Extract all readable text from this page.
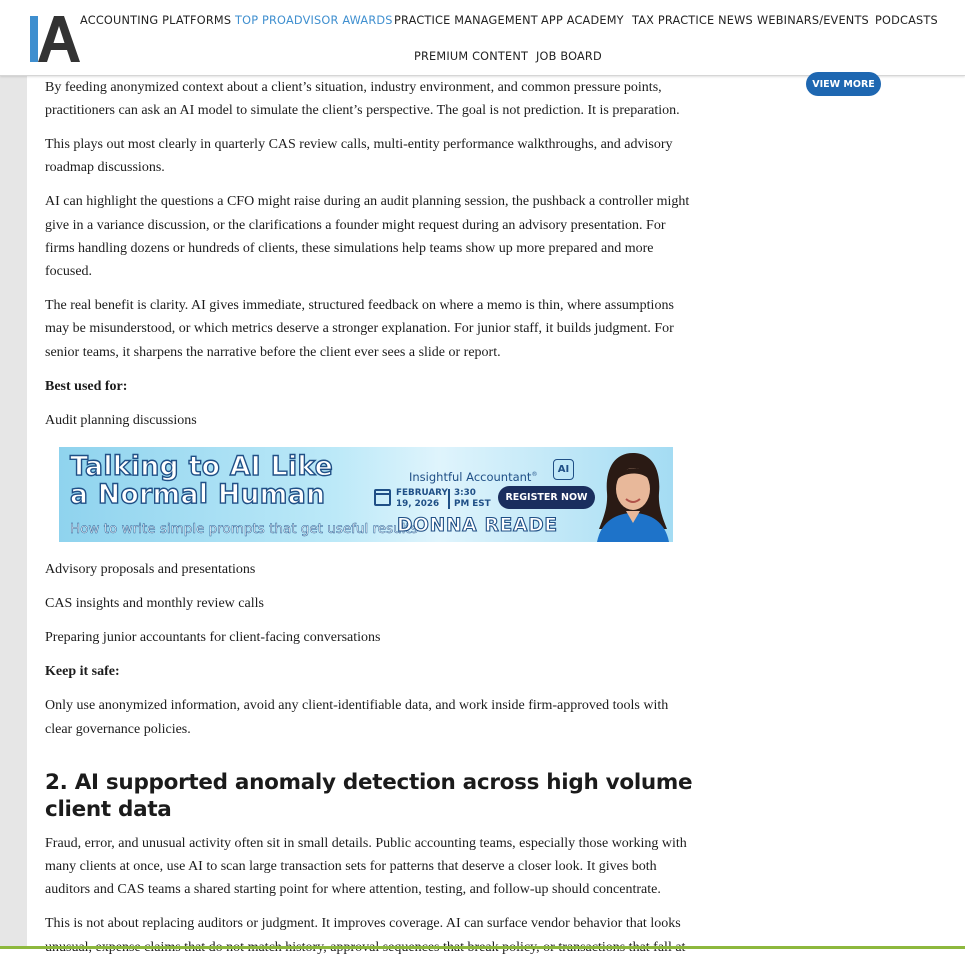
ACCOUNTING PLATFORMS TOP PROADVISOR AWARDS PRACTICE MANAGEMENT APP ACADEMY TAX PRACTICE NEWS WEBINARS/EVENTS PODCASTS
PREMIUM CONTENT JOB BOARD
VIEW MORE

By feeding anonymized context about a client’s situation, industry environment, and common pressure points, practitioners can ask an AI model to simulate the client’s perspective. The goal is not prediction. It is preparation.

This plays out most clearly in quarterly CAS review calls, multi-entity performance walkthroughs, and advisory roadmap discussions.

AI can highlight the questions a CFO might raise during an audit planning session, the pushback a controller might give in a variance discussion, or the clarifications a founder might request during an advisory presentation. For firms handling dozens or hundreds of clients, these simulations help teams show up more prepared and more focused.

The real benefit is clarity. AI gives immediate, structured feedback on where a memo is thin, where assumptions may be misunderstood, or which metrics deserve a stronger explanation. For junior staff, it builds judgment. For senior teams, it sharpens the narrative before the client ever sees a slide or report.

Best used for:

Audit planning discussions

Talking to AI Like
a Normal Human
How to write simple prompts that get useful results
Insightful Accountant®	AI
FEBRUARY
19, 2026
3:30
PM EST
REGISTER NOW
DONNA READE

Advisory proposals and presentations

CAS insights and monthly review calls

Preparing junior accountants for client-facing conversations

Keep it safe:

Only use anonymized information, avoid any client-identifiable data, and work inside firm-approved tools with clear governance policies.

2. AI supported anomaly detection across high volume client data

Fraud, error, and unusual activity often sit in small details. Public accounting teams, especially those working with many clients at once, use AI to scan large transaction sets for patterns that deserve a closer look. It gives both auditors and CAS teams a shared starting point for where attention, testing, and follow-up should concentrate.

This is not about replacing auditors or judgment. It improves coverage. AI can surface vendor behavior that looks
